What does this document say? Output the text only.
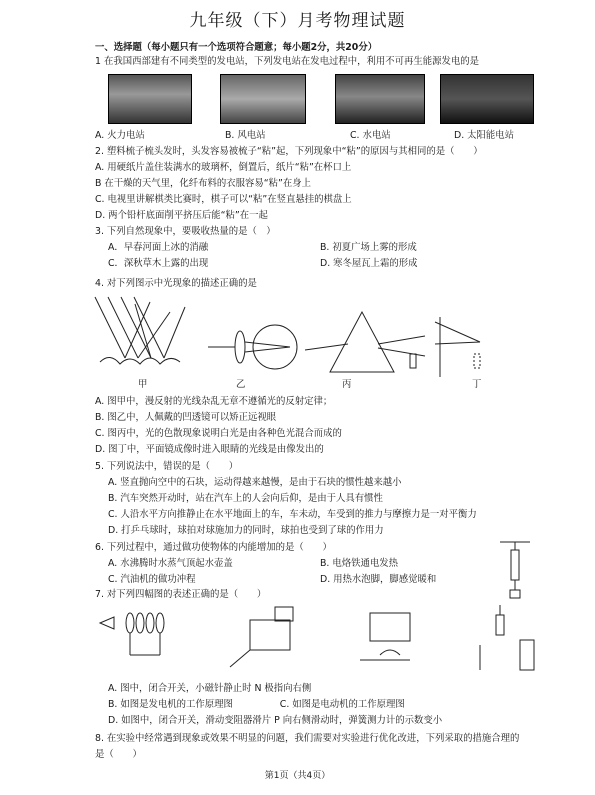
九年级（下）月考物理试题
一、选择题（每小题只有一个选项符合题意；每小题2分，共20分）
1 在我国西部建有不同类型的发电站，下列发电站在发电过程中，利用不可再生能源发电的是
A. 火力电站	B. 风电站	C. 水电站	D. 太阳能电站
2. 塑料梳子梳头发时，头发容易被梳子“粘”起，下列现象中“粘”的原因与其相同的是（　　）
A. 用硬纸片盖住装满水的玻璃杯，倒置后，纸片“粘”在杯口上
B 在干燥的天气里，化纤布料的衣服容易“粘”在身上
C. 电视里讲解棋类比赛时，棋子可以“粘”在竖直悬挂的棋盘上
D. 两个铅杆底面削平挤压后能“粘”在一起
3. 下列自然现象中，要吸收热量的是（　）
A．早春河面上冰的消融	B. 初夏广场上雾的形成
C．深秋草木上露的出现	D. 寒冬屋瓦上霜的形成
4. 对下列图示中光现象的描述正确的是
甲	乙	丙	丁
A. 图甲中，漫反射的光线杂乱无章不遵循光的反射定律；
B. 图乙中，人佩戴的凹透镜可以矫正远视眼
C. 图丙中，光的色散现象说明白光是由各种色光混合而成的
D. 图丁中，平面镜成像时进入眼睛的光线是由像发出的
5. 下列说法中，错误的是（　　）
A. 竖直抛向空中的石块，运动得越来越慢，是由于石块的惯性越来越小
B. 汽车突然开动时，站在汽车上的人会向后仰，是由于人具有惯性
C. 人沿水平方向推静止在水平地面上的车，车未动，车受到的推力与摩擦力是一对平衡力
D. 打乒乓球时，球拍对球施加力的同时，球拍也受到了球的作用力
6. 下列过程中，通过做功使物体的内能增加的是（　　）
A. 水沸腾时水蒸气顶起水壶盖	B. 电烙铁通电发热
C. 汽油机的做功冲程	D. 用热水泡脚，脚感觉暖和
7. 对下列四幅图的表述正确的是（　　）
A. 图中，闭合开关，小磁针静止时 N 极指向右侧
B. 如图是发电机的工作原理图　　　　　C. 如图是电动机的工作原理图
D. 如图中，闭合开关，滑动变阻器滑片 P 向右侧滑动时，弹簧测力计的示数变小
8. 在实验中经常遇到现象或效果不明显的问题，我们需要对实验进行优化改进，下列采取的措施合理的
是（　　）
第1页（共4页）
